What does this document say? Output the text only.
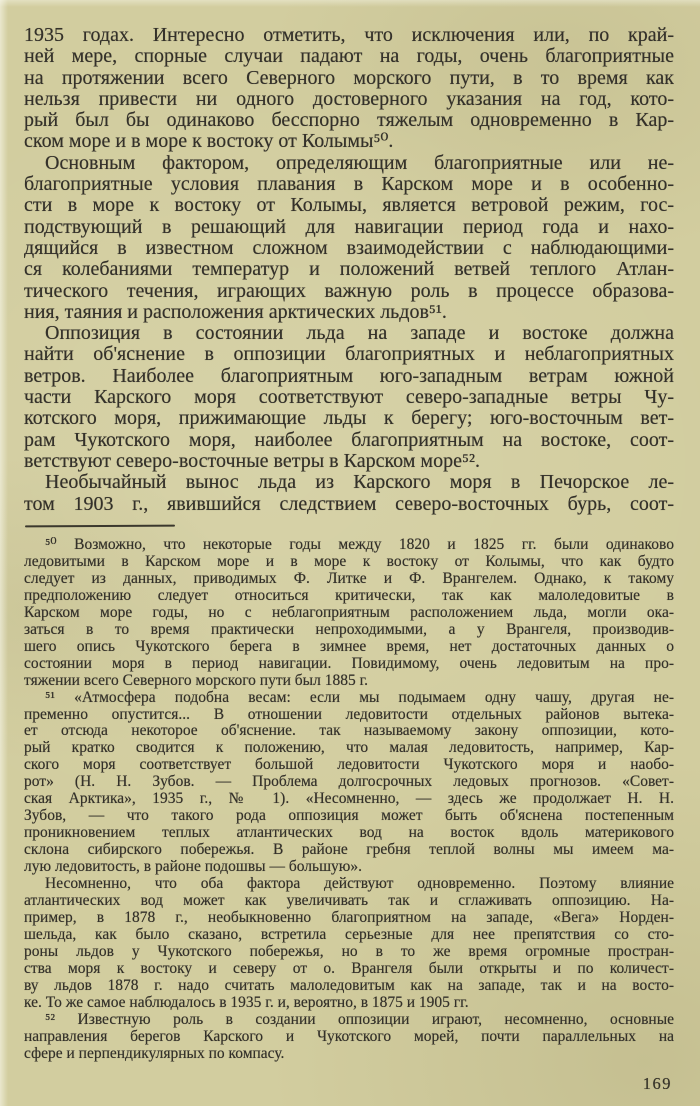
1935 годах. Интересно отметить, что исключения или, по край-
ней мере, спорные случаи падают на годы, очень благоприятные
на протяжении всего Северного морского пути, в то время как
нельзя привести ни одного достоверного указания на год, кото-
рый был бы одинаково бесспорно тяжелым одновременно в Кар-
ском море и в море к востоку от Колымы⁵⁰.
Основным фактором, определяющим благоприятные или не-
благоприятные условия плавания в Карском море и в особенно-
сти в море к востоку от Колымы, является ветровой режим, гос-
подствующий в решающий для навигации период года и нахо-
дящийся в известном сложном взаимодействии с наблюдающими-
ся колебаниями температур и положений ветвей теплого Атлан-
тического течения, играющих важную роль в процессе образова-
ния, таяния и расположения арктических льдов⁵¹.
Оппозиция в состоянии льда на западе и востоке должна
найти об'яснение в оппозиции благоприятных и неблагоприятных
ветров. Наиболее благоприятным юго-западным ветрам южной
части Карского моря соответствуют северо-западные ветры Чу-
котского моря, прижимающие льды к берегу; юго-восточным вет-
рам Чукотского моря, наиболее благоприятным на востоке, соот-
ветствуют северо-восточные ветры в Карском море⁵².
Необычайный вынос льда из Карского моря в Печорское ле-
том 1903 г., явившийся следствием северо-восточных бурь, соот-
⁵⁰ Возможно, что некоторые годы между 1820 и 1825 гг. были одинаково
ледовитыми в Карском море и в море к востоку от Колымы, что как будто
следует из данных, приводимых Ф. Литке и Ф. Врангелем. Однако, к такому
предположению следует относиться критически, так как малоледовитые в
Карском море годы, но с неблагоприятным расположением льда, могли ока-
заться в то время практически непроходимыми, а у Врангеля, производив-
шего опись Чукотского берега в зимнее время, нет достаточных данных о
состоянии моря в период навигации. Повидимому, очень ледовитым на про-
тяжении всего Северного морского пути был 1885 г.
⁵¹ «Атмосфера подобна весам: если мы подымаем одну чашу, другая не-
пременно опустится... В отношении ледовитости отдельных районов вытека-
ет отсюда некоторое об'яснение. так называемому закону оппозиции, кото-
рый кратко сводится к положению, что малая ледовитость, например, Кар-
ского моря соответствует большой ледовитости Чукотского моря и наобо-
рот» (Н. Н. Зубов. — Проблема долгосрочных ледовых прогнозов. «Совет-
ская Арктика», 1935 г., № 1). «Несомненно, — здесь же продолжает Н. Н.
Зубов, — что такого рода оппозиция может быть об'яснена постепенным
проникновением теплых атлантических вод на восток вдоль материкового
склона сибирского побережья. В районе гребня теплой волны мы имеем ма-
лую ледовитость, в районе подошвы — большую».
Несомненно, что оба фактора действуют одновременно. Поэтому влияние
атлантических вод может как увеличивать так и сглаживать оппозицию. На-
пример, в 1878 г., необыкновенно благоприятном на западе, «Вега» Норден-
шельда, как было сказано, встретила серьезные для нее препятствия со сто-
роны льдов у Чукотского побережья, но в то же время огромные простран-
ства моря к востоку и северу от о. Врангеля были открыты и по количест-
ву льдов 1878 г. надо считать малоледовитым как на западе, так и на восто-
ке. То же самое наблюдалось в 1935 г. и, вероятно, в 1875 и 1905 гг.
⁵² Известную роль в создании оппозиции играют, несомненно, основные
направления берегов Карского и Чукотского морей, почти параллельных на
сфере и перпендикулярных по компасу.
169
